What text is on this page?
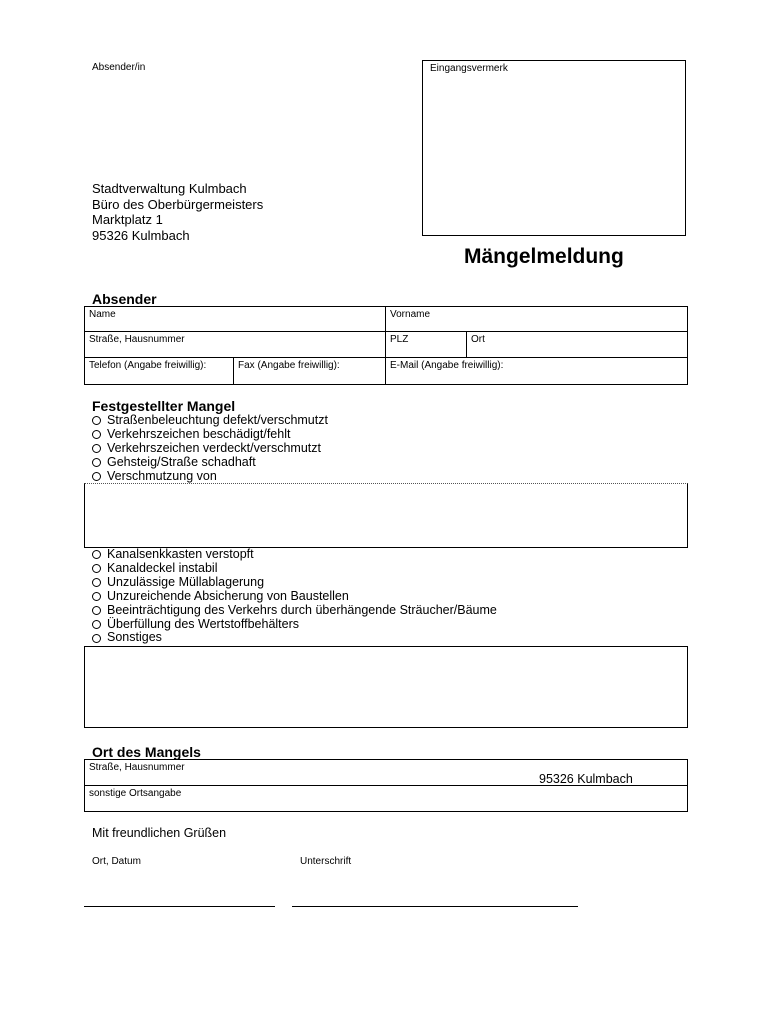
Absender/in	Eingangsvermerk
Stadtverwaltung Kulmbach
Büro des Oberbürgermeisters
Marktplatz 1
95326 Kulmbach
Mängelmeldung
Absender
Name	Vorname
Straße, Hausnummer	PLZ	Ort
Telefon (Angabe freiwillig):	Fax (Angabe freiwillig):	E-Mail (Angabe freiwillig):
Festgestellter Mangel
Straßenbeleuchtung defekt/verschmutzt
Verkehrszeichen beschädigt/fehlt
Verkehrszeichen verdeckt/verschmutzt
Gehsteig/Straße schadhaft
Verschmutzung von
Kanalsenkkasten verstopft
Kanaldeckel instabil
Unzulässige Müllablagerung
Unzureichende Absicherung von Baustellen
Beeinträchtigung des Verkehrs durch überhängende Sträucher/Bäume
Überfüllung des Wertstoffbehälters
Sonstiges
Ort des Mangels
Straße, Hausnummer
95326 Kulmbach
sonstige Ortsangabe
Mit freundlichen Grüßen
Ort, Datum	Unterschrift
